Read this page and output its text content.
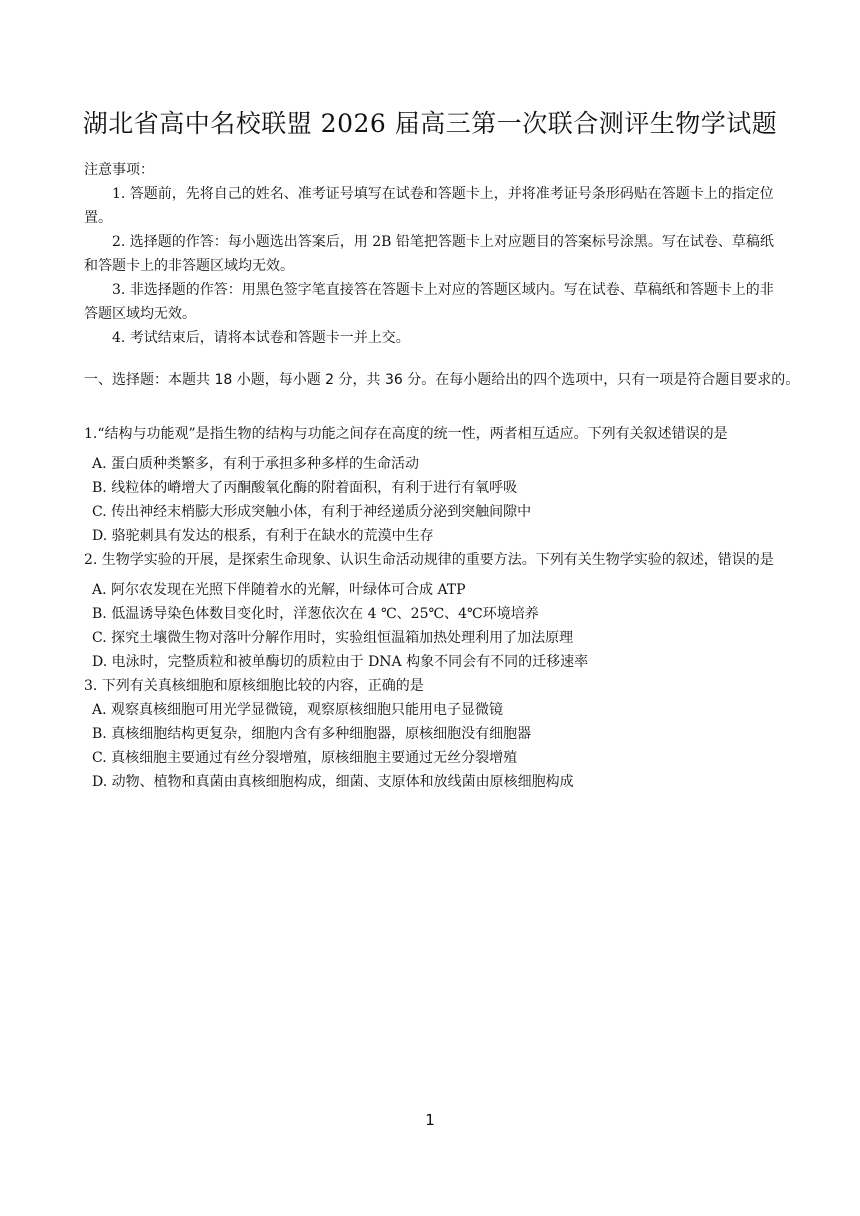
湖北省高中名校联盟 2026 届高三第一次联合测评生物学试题

注意事项：

1. 答题前，先将自己的姓名、准考证号填写在试卷和答题卡上，并将准考证号条形码贴在答题卡上的指定位置。

2. 选择题的作答：每小题选出答案后，用 2B 铅笔把答题卡上对应题目的答案标号涂黑。写在试卷、草稿纸和答题卡上的非答题区域均无效。

3. 非选择题的作答：用黑色签字笔直接答在答题卡上对应的答题区域内。写在试卷、草稿纸和答题卡上的非答题区域均无效。

4. 考试结束后，请将本试卷和答题卡一并上交。

一、选择题：本题共 18 小题，每小题 2 分，共 36 分。在每小题给出的四个选项中，只有一项是符合题目要求的。

1.“结构与功能观”是指生物的结构与功能之间存在高度的统一性，两者相互适应。下列有关叙述错误的是

A. 蛋白质种类繁多，有利于承担多种多样的生命活动

B. 线粒体的嵴增大了丙酮酸氧化酶的附着面积，有利于进行有氧呼吸

C. 传出神经末梢膨大形成突触小体，有利于神经递质分泌到突触间隙中

D. 骆驼刺具有发达的根系，有利于在缺水的荒漠中生存

2. 生物学实验的开展，是探索生命现象、认识生命活动规律的重要方法。下列有关生物学实验的叙述，错误的是

A. 阿尔农发现在光照下伴随着水的光解，叶绿体可合成 ATP

B. 低温诱导染色体数目变化时，洋葱依次在 4 ℃、25℃、4℃环境培养

C. 探究土壤微生物对落叶分解作用时，实验组恒温箱加热处理利用了加法原理

D. 电泳时，完整质粒和被单酶切的质粒由于 DNA 构象不同会有不同的迁移速率

3. 下列有关真核细胞和原核细胞比较的内容，正确的是

A. 观察真核细胞可用光学显微镜，观察原核细胞只能用电子显微镜

B. 真核细胞结构更复杂，细胞内含有多种细胞器，原核细胞没有细胞器

C. 真核细胞主要通过有丝分裂增殖，原核细胞主要通过无丝分裂增殖

D. 动物、植物和真菌由真核细胞构成，细菌、支原体和放线菌由原核细胞构成

1
